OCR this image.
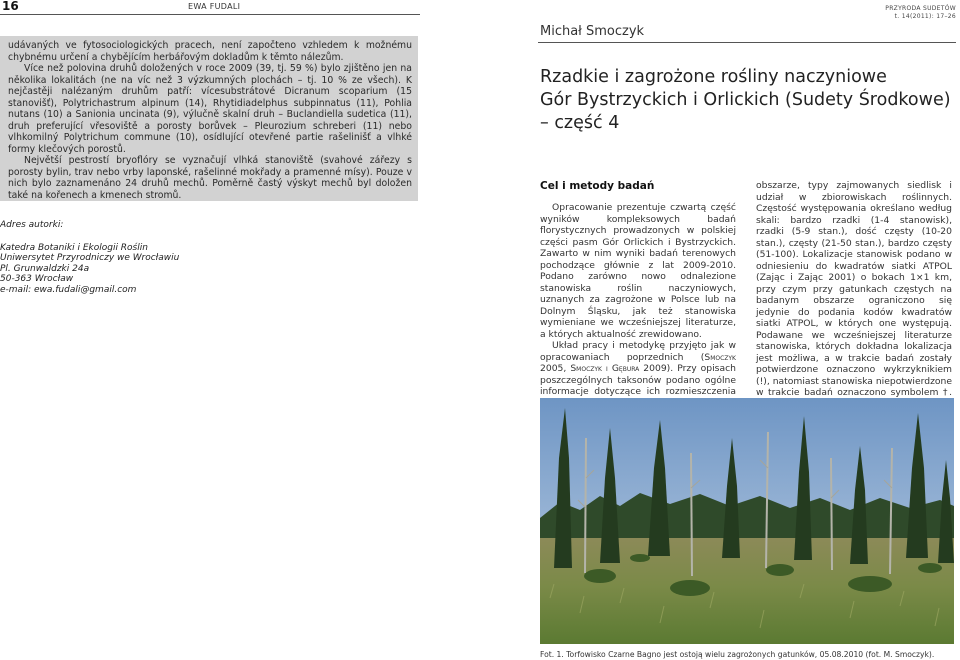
16	EWA FUDALI

udávaných ve fytosociologických pracech, není započteno vzhledem k možnému chybnému určení a chybějícím herbářovým dokladům k těmto nálezům.

Více než polovina druhů doložených v roce 2009 (39, tj. 59 %) bylo zjištěno jen na několika lokalitách (ne na víc než 3 výzkumných plochách – tj. 10 % ze všech). K nejčastěji nalézaným druhům patří: vícesubstrátové Dicranum scoparium (15 stanovišť), Polytrichastrum alpinum (14), Rhytidiadelphus subpinnatus (11), Pohlia nutans (10) a Sanionia uncinata (9), výlučně skalní druh – Buclandiella sudetica (11), druh preferující vřesoviště a porosty borůvek – Pleurozium schreberi (11) nebo vlhkomilný Polytrichum commune (10), osídlující otevřené partie rašelinišť a vlhké formy klečových porostů.

Největší pestrostí bryoflóry se vyznačují vlhká stanoviště (svahové zářezy s porosty bylin, trav nebo vrby laponské, rašelinné mokřady a pramenné mísy). Pouze v nich bylo zaznamenáno 24 druhů mechů. Poměrně častý výskyt mechů byl doložen také na kořenech a kmenech stromů.

Adres autorki:
Katedra Botaniki i Ekologii Roślin
Uniwersytet Przyrodniczy we Wrocławiu
Pl. Grunwaldzki 24a
50-363 Wrocław
e-mail: ewa.fudali@gmail.com
PRZYRODA SUDETÓW
t. 14(2011): 17–26
Michał Smoczyk
Rzadkie i zagrożone rośliny naczyniowe
Gór Bystrzyckich i Orlickich (Sudety Środkowe)
– część 4
Cel i metody badań

Opracowanie prezentuje czwartą część wyników kompleksowych badań florystycznych prowadzonych w polskiej części pasm Gór Orlickich i Bystrzyckich. Zawarto w nim wyniki badań terenowych pochodzące głównie z lat 2009-2010. Podano zarówno nowo odnalezione stanowiska roślin naczyniowych, uznanych za zagrożone w Polsce lub na Dolnym Śląsku, jak też stanowiska wymieniane we wcześniejszej literaturze, a których aktualność zrewidowano.

Układ pracy i metodykę przyjęto jak w opracowaniach poprzednich (Smoczyk 2005, Smoczyk i Gębura 2009). Przy opisach poszczególnych taksonów podano ogólne informacje dotyczące ich rozmieszczenia

obszarze, typy zajmowanych siedlisk i udział w zbiorowiskach roślinnych. Częstość występowania określano według skali: bardzo rzadki (1-4 stanowisk), rzadki (5-9 stan.), dość częsty (10-20 stan.), częsty (21-50 stan.), bardzo częsty (51-100). Lokalizacje stanowisk podano w odniesieniu do kwadratów siatki ATPOL (Zając i Zając 2001) o bokach 1×1 km, przy czym przy gatunkach częstych na badanym obszarze ograniczono się jedynie do podania kodów kwadratów siatki ATPOL, w których one występują. Podawane we wcześniejszej literaturze stanowiska, których dokładna lokalizacja jest możliwa, a w trakcie badań zostały potwierdzone oznaczono wykrzyknikiem (!), natomiast stanowiska niepotwierdzone w trakcie badań oznaczono symbolem †.

Fot. 1. Torfowisko Czarne Bagno jest ostoją wielu zagrożonych gatunków, 05.08.2010 (fot. M. Smoczyk).
